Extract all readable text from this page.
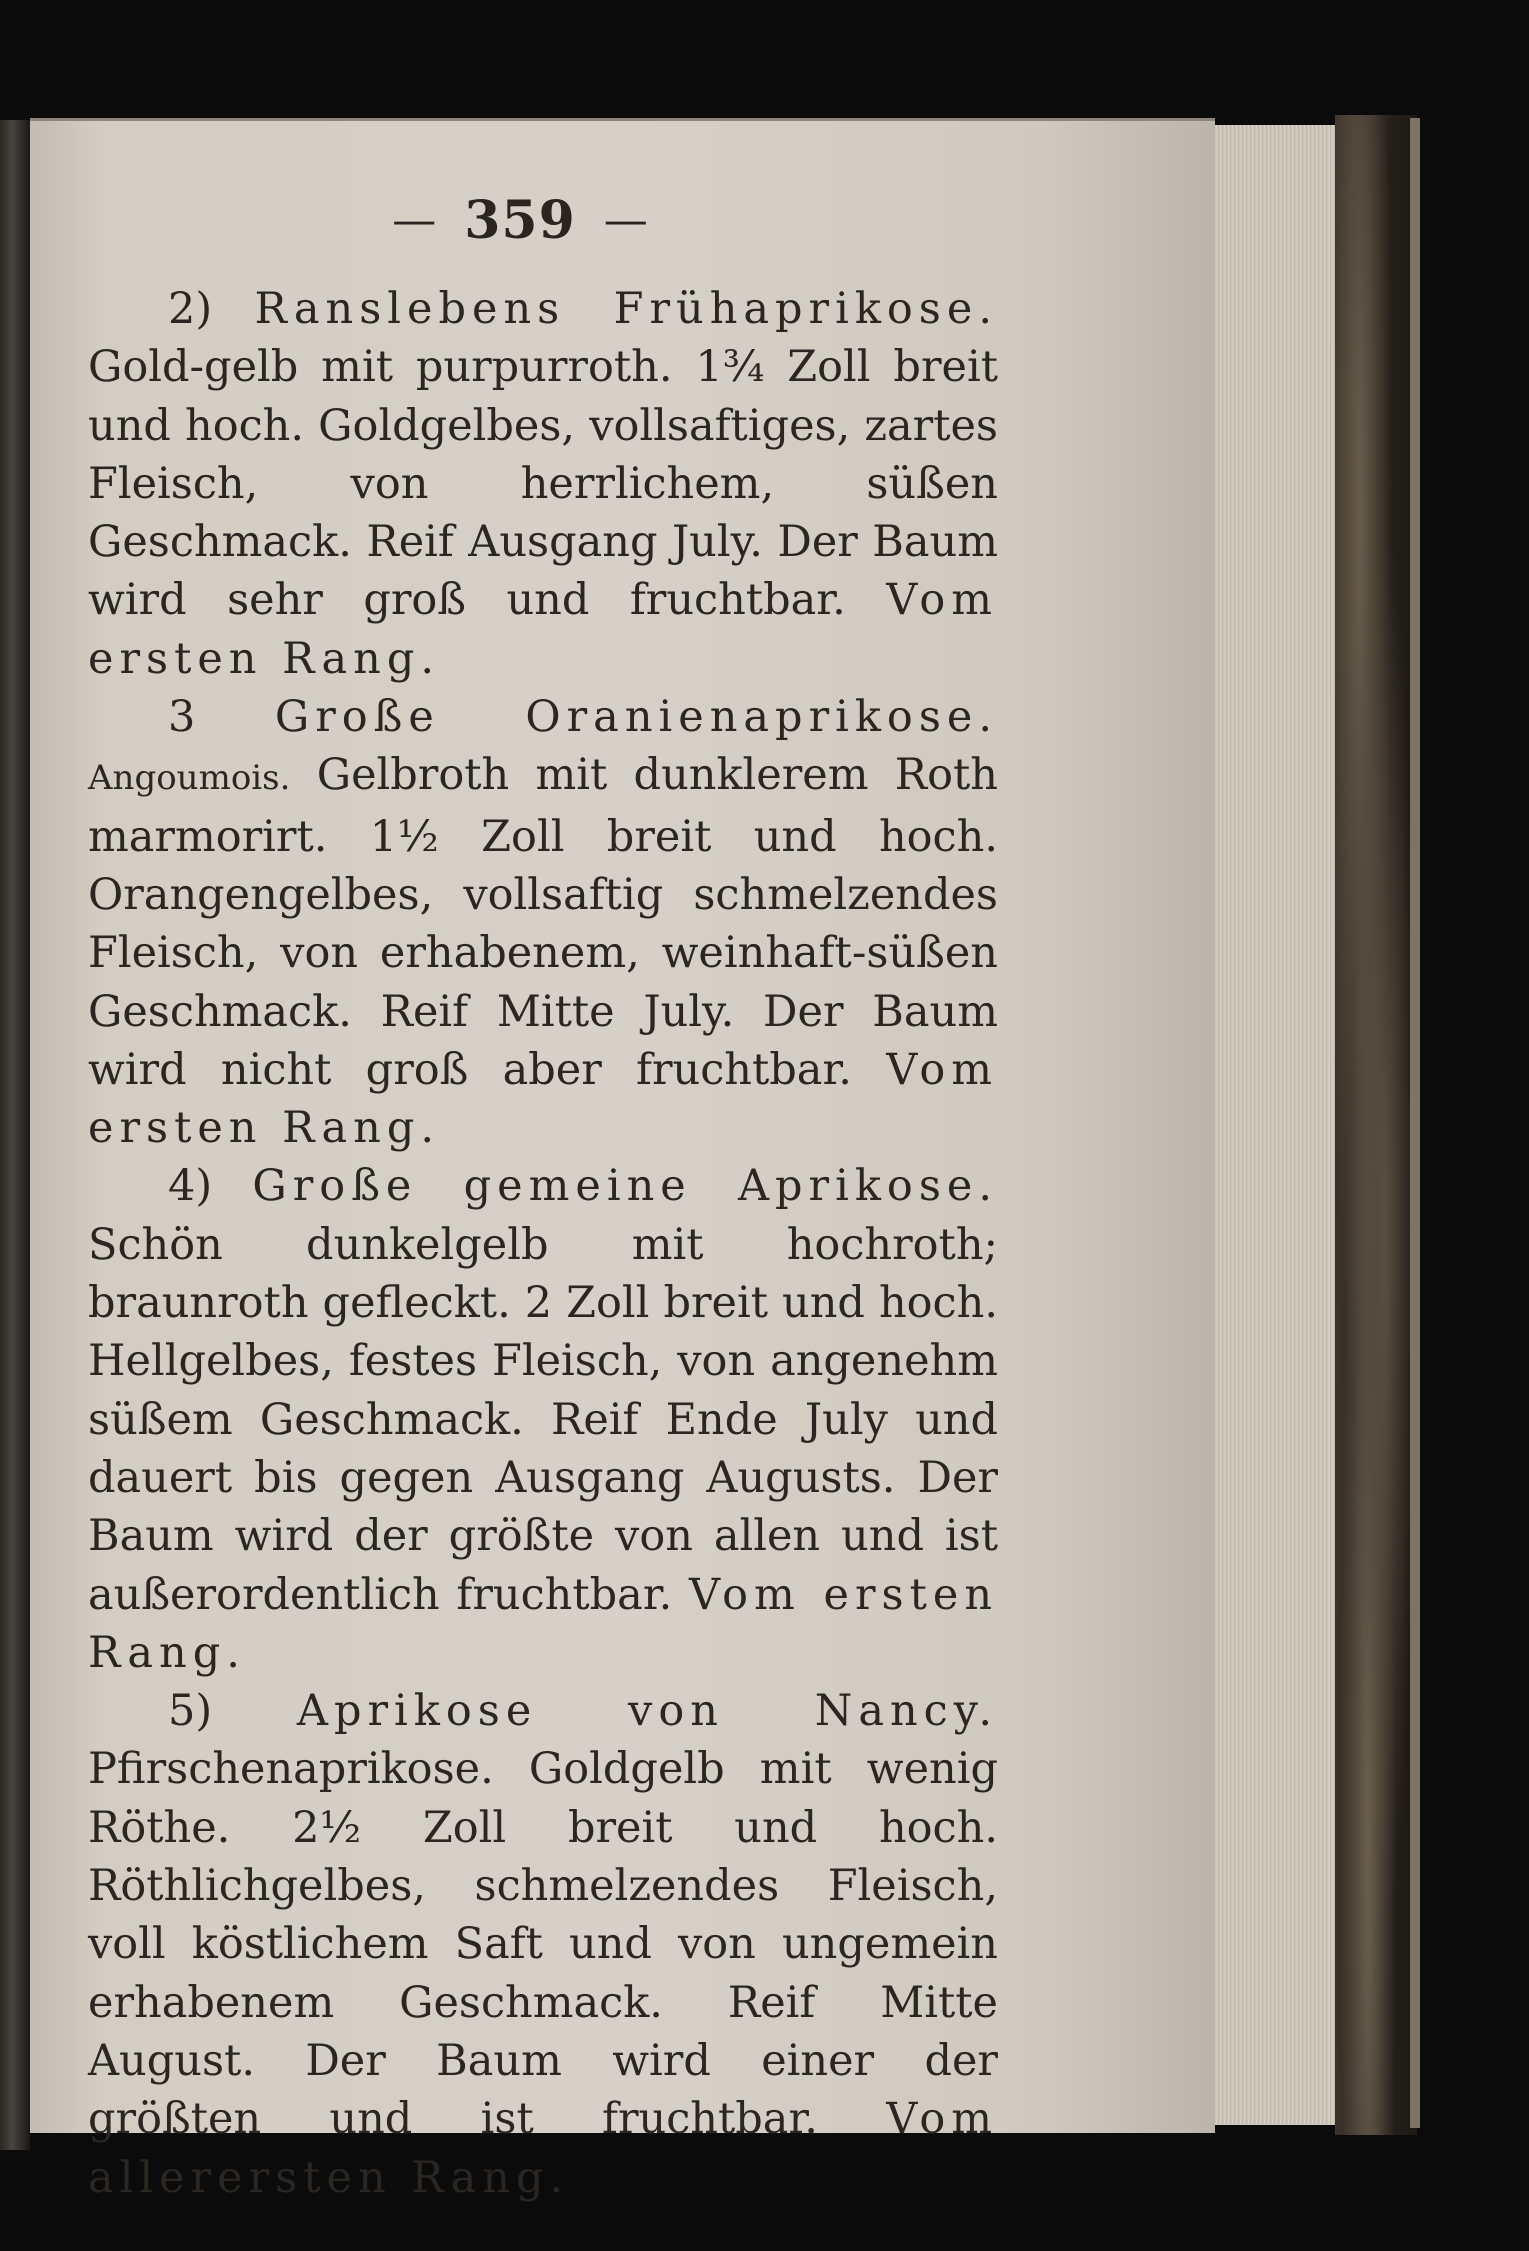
— 359 —

2) Ranslebens Frühaprikose. Gold-gelb mit purpurroth. 1¾ Zoll breit und hoch. Goldgelbes, vollsaftiges, zartes Fleisch, von herrlichem, süßen Geschmack. Reif Ausgang July. Der Baum wird sehr groß und fruchtbar. Vom ersten Rang.

3 Große Oranienaprikose. Angoumois. Gelbroth mit dunklerem Roth marmorirt. 1½ Zoll breit und hoch. Orangengelbes, vollsaftig schmelzendes Fleisch, von erhabenem, weinhaft-süßen Geschmack. Reif Mitte July. Der Baum wird nicht groß aber fruchtbar. Vom ersten Rang.

4) Große gemeine Aprikose. Schön dunkelgelb mit hochroth; braunroth gefleckt. 2 Zoll breit und hoch. Hellgelbes, festes Fleisch, von angenehm süßem Geschmack. Reif Ende July und dauert bis gegen Ausgang Augusts. Der Baum wird der größte von allen und ist außerordentlich fruchtbar. Vom ersten Rang.

5) Aprikose von Nancy. Pfirschenaprikose. Goldgelb mit wenig Röthe. 2½ Zoll breit und hoch. Röthlichgelbes, schmelzendes Fleisch, voll köstlichem Saft und von ungemein erhabenem Geschmack. Reif Mitte August. Der Baum wird einer der größten und ist fruchtbar. Vom allerersten Rang.
